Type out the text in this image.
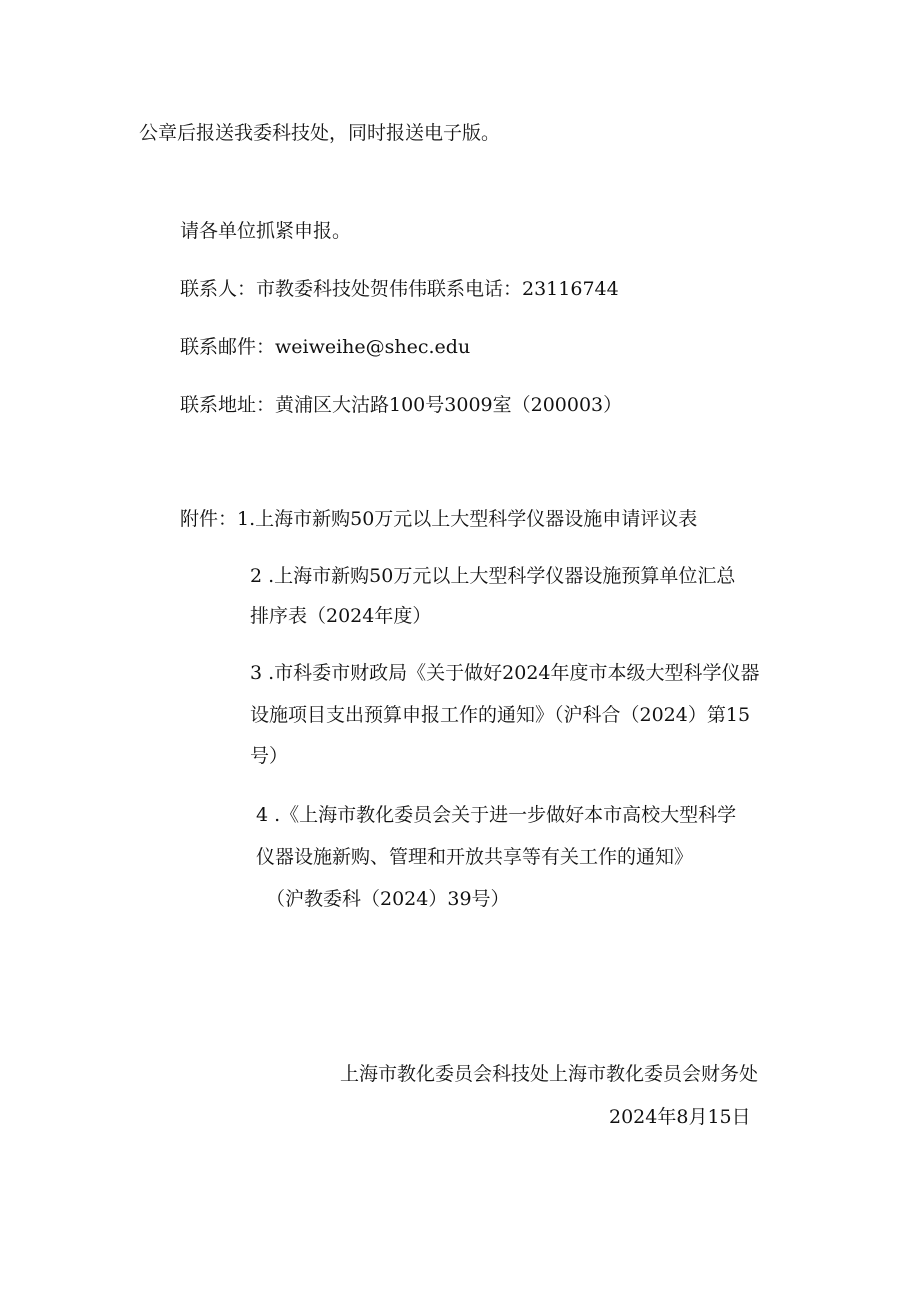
公章后报送我委科技处，同时报送电子版。

请各单位抓紧申报。

联系人：市教委科技处贺伟伟联系电话：23116744

联系邮件：weiweihe@shec.edu

联系地址：黄浦区大沽路100号3009室（200003）

附件：1.上海市新购50万元以上大型科学仪器设施申请评议表

2 .上海市新购50万元以上大型科学仪器设施预算单位汇总

排序表（2024年度）

3 .市科委市财政局《关于做好2024年度市本级大型科学仪器

设施项目支出预算申报工作的通知》（沪科合（2024）第15

号）

4 .《上海市教化委员会关于进一步做好本市高校大型科学

仪器设施新购、管理和开放共享等有关工作的通知》

（沪教委科（2024）39号）

上海市教化委员会科技处上海市教化委员会财务处

2024年8月15日
